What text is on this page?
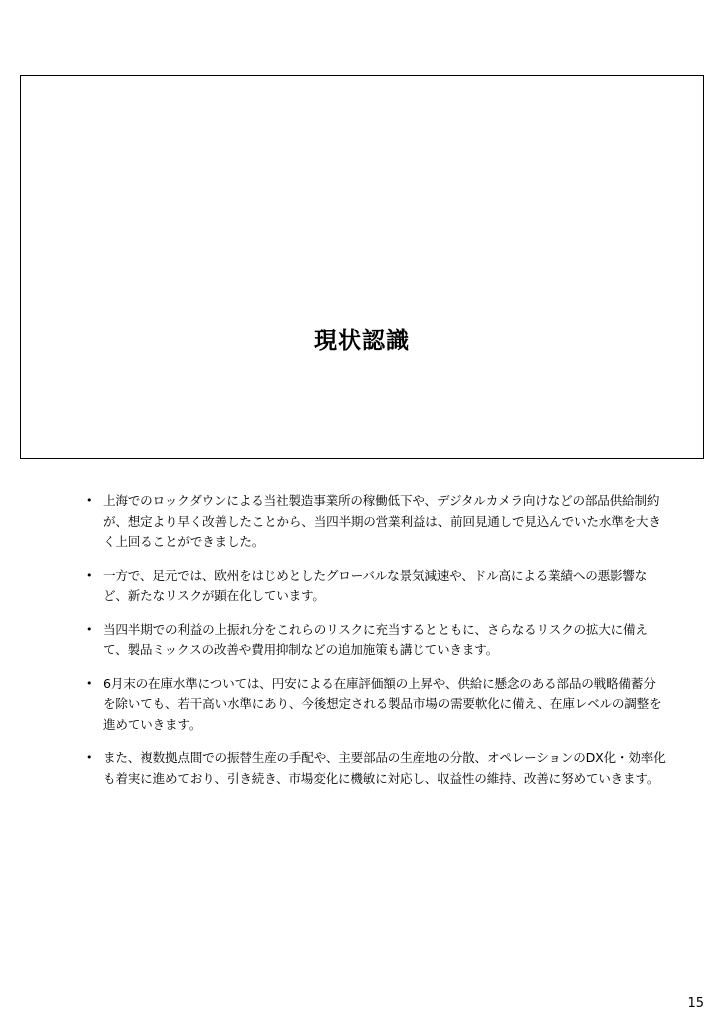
現状認識
• 上海でのロックダウンによる当社製造事業所の稼働低下や、デジタルカメラ向けなどの部品供給制約が、想定より早く改善したことから、当四半期の営業利益は、前回見通しで見込んでいた水準を大きく上回ることができました。
• 一方で、足元では、欧州をはじめとしたグローバルな景気減速や、ドル高による業績への悪影響など、新たなリスクが顕在化しています。
• 当四半期での利益の上振れ分をこれらのリスクに充当するとともに、さらなるリスクの拡大に備えて、製品ミックスの改善や費用抑制などの追加施策も講じていきます。
• 6月末の在庫水準については、円安による在庫評価額の上昇や、供給に懸念のある部品の戦略備蓄分を除いても、若干高い水準にあり、今後想定される製品市場の需要軟化に備え、在庫レベルの調整を進めていきます。
• また、複数拠点間での振替生産の手配や、主要部品の生産地の分散、オペレーションのDX化・効率化も着実に進めており、引き続き、市場変化に機敏に対応し、収益性の維持、改善に努めていきます。
15
